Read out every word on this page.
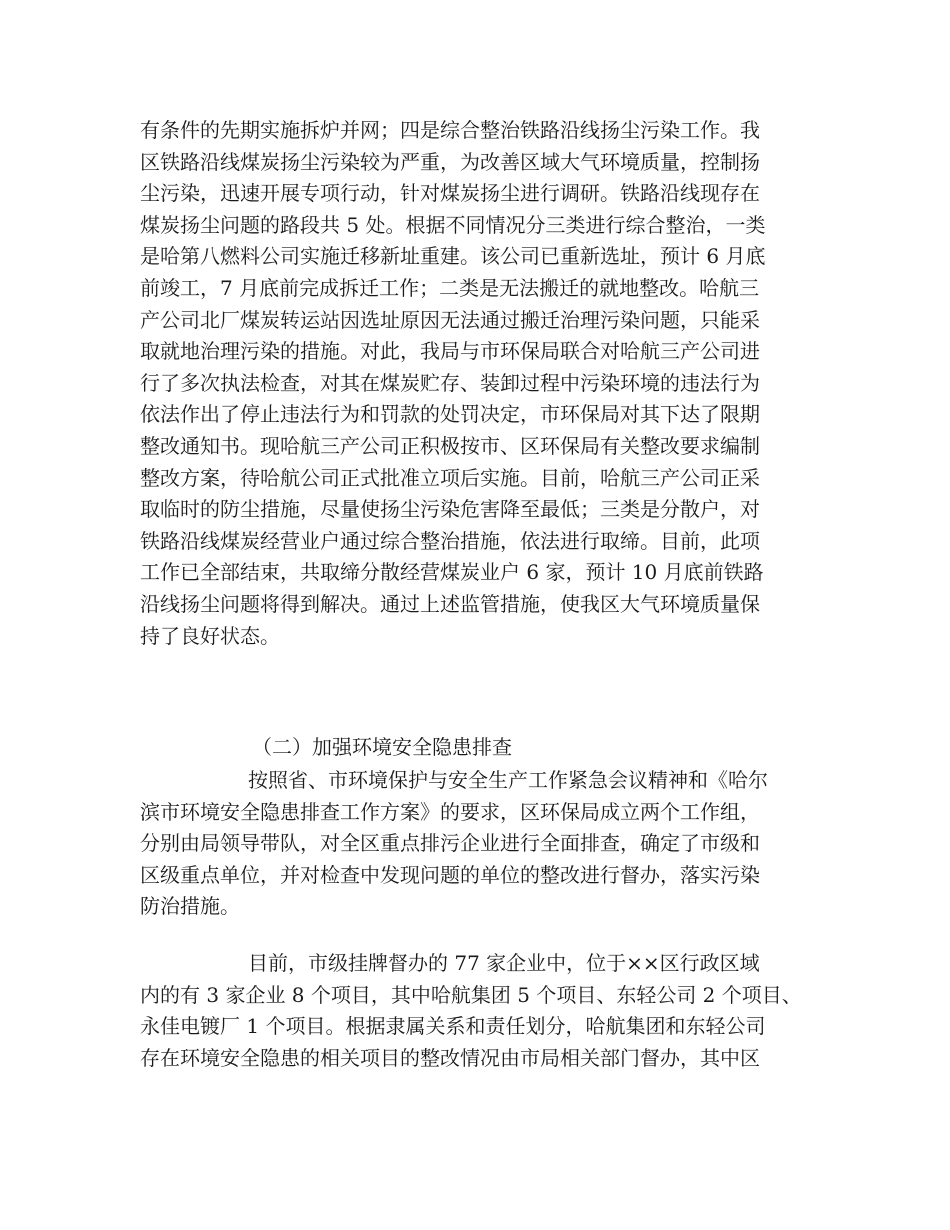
有条件的先期实施拆炉并网；四是综合整治铁路沿线扬尘污染工作。我
区铁路沿线煤炭扬尘污染较为严重，为改善区域大气环境质量，控制扬
尘污染，迅速开展专项行动，针对煤炭扬尘进行调研。铁路沿线现存在
煤炭扬尘问题的路段共 5 处。根据不同情况分三类进行综合整治，一类
是哈第八燃料公司实施迁移新址重建。该公司已重新选址，预计 6 月底
前竣工，7 月底前完成拆迁工作；二类是无法搬迁的就地整改。哈航三
产公司北厂煤炭转运站因选址原因无法通过搬迁治理污染问题，只能采
取就地治理污染的措施。对此，我局与市环保局联合对哈航三产公司进
行了多次执法检查，对其在煤炭贮存、装卸过程中污染环境的违法行为
依法作出了停止违法行为和罚款的处罚决定，市环保局对其下达了限期
整改通知书。现哈航三产公司正积极按市、区环保局有关整改要求编制
整改方案，待哈航公司正式批准立项后实施。目前，哈航三产公司正采
取临时的防尘措施，尽量使扬尘污染危害降至最低；三类是分散户，对
铁路沿线煤炭经营业户通过综合整治措施，依法进行取缔。目前，此项
工作已全部结束，共取缔分散经营煤炭业户 6 家，预计 10 月底前铁路
沿线扬尘问题将得到解决。通过上述监管措施，使我区大气环境质量保
持了良好状态。
（二）加强环境安全隐患排查
按照省、市环境保护与安全生产工作紧急会议精神和《哈尔
滨市环境安全隐患排查工作方案》的要求，区环保局成立两个工作组，
分别由局领导带队，对全区重点排污企业进行全面排查，确定了市级和
区级重点单位，并对检查中发现问题的单位的整改进行督办，落实污染
防治措施。
目前，市级挂牌督办的 77 家企业中，位于××区行政区域
内的有 3 家企业 8 个项目，其中哈航集团 5 个项目、东轻公司 2 个项目、
永佳电镀厂 1 个项目。根据隶属关系和责任划分，哈航集团和东轻公司
存在环境安全隐患的相关项目的整改情况由市局相关部门督办，其中区
